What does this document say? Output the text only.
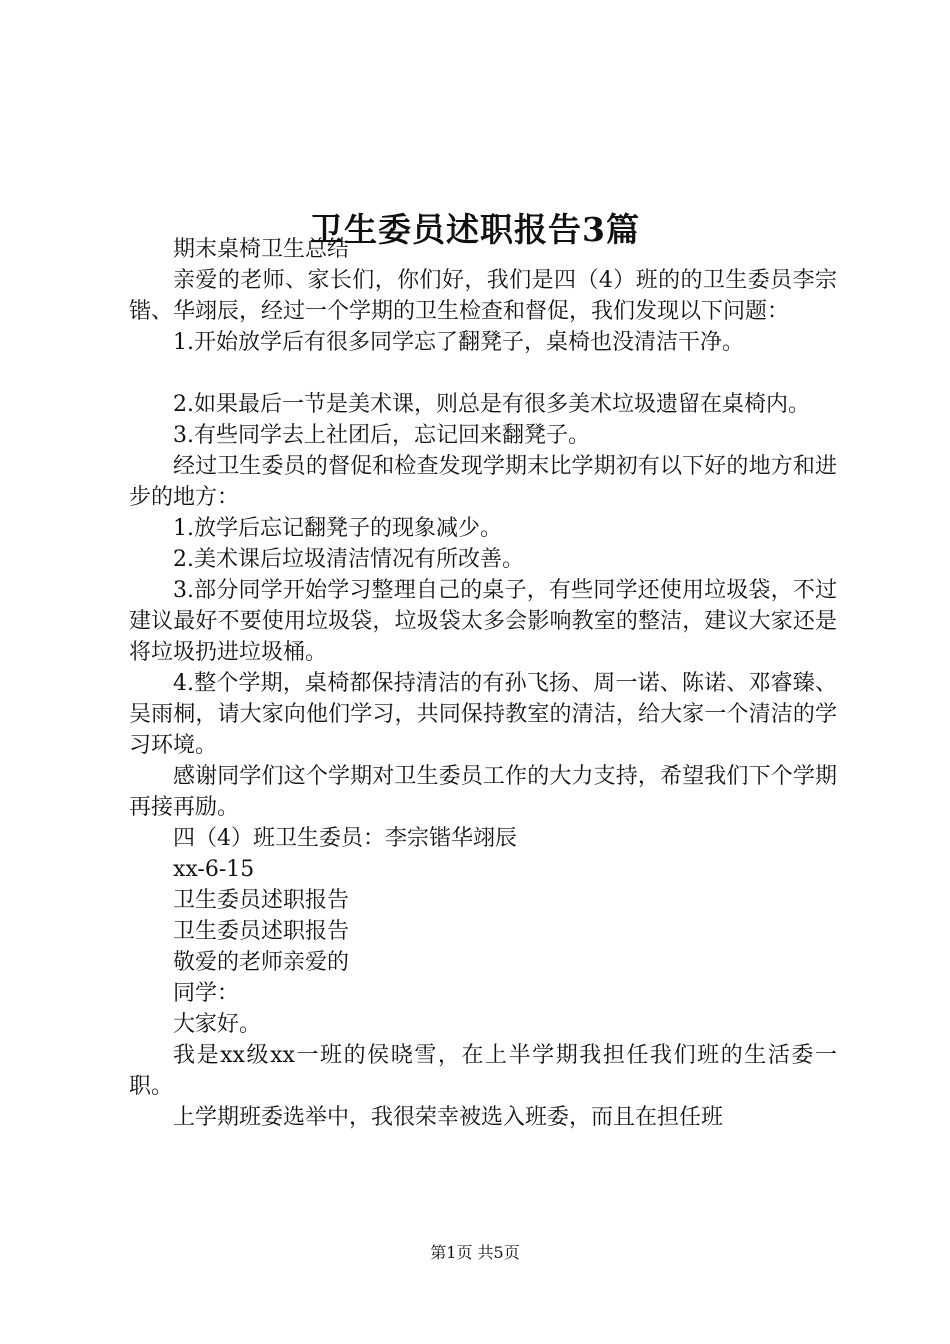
卫生委员述职报告3篇

期末桌椅卫生总结

亲爱的老师、家长们，你们好，我们是四（4）班的的卫生委员李宗锴、华翊辰，经过一个学期的卫生检查和督促，我们发现以下问题：

1.开始放学后有很多同学忘了翻凳子，桌椅也没清洁干净。

2.如果最后一节是美术课，则总是有很多美术垃圾遗留在桌椅内。

3.有些同学去上社团后，忘记回来翻凳子。

经过卫生委员的督促和检查发现学期末比学期初有以下好的地方和进步的地方：

1.放学后忘记翻凳子的现象减少。

2.美术课后垃圾清洁情况有所改善。

3.部分同学开始学习整理自己的桌子，有些同学还使用垃圾袋，不过建议最好不要使用垃圾袋，垃圾袋太多会影响教室的整洁，建议大家还是将垃圾扔进垃圾桶。

4.整个学期，桌椅都保持清洁的有孙飞扬、周一诺、陈诺、邓睿臻、吴雨桐，请大家向他们学习，共同保持教室的清洁，给大家一个清洁的学习环境。

感谢同学们这个学期对卫生委员工作的大力支持，希望我们下个学期再接再励。

四（4）班卫生委员：李宗锴华翊辰

xx-6-15

卫生委员述职报告

卫生委员述职报告

敬爱的老师亲爱的

同学：

大家好。

我是xx级xx一班的侯晓雪，在上半学期我担任我们班的生活委一职。

上学期班委选举中，我很荣幸被选入班委，而且在担任班

第1页 共5页
